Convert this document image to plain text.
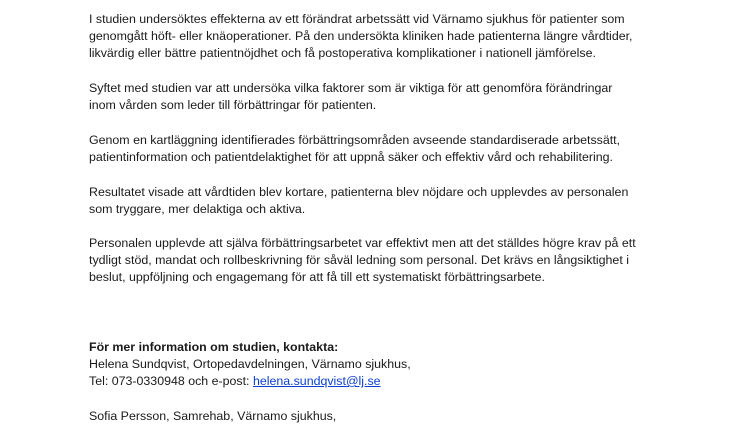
I studien undersöktes effekterna av ett förändrat arbetssätt vid Värnamo sjukhus för patienter som
genomgått höft- eller knäoperationer. På den undersökta kliniken hade patienterna längre vårdtider,
likvärdig eller bättre patientnöjdhet och få postoperativa komplikationer i nationell jämförelse.

Syftet med studien var att undersöka vilka faktorer som är viktiga för att genomföra förändringar
inom vården som leder till förbättringar för patienten.

Genom en kartläggning identifierades förbättringsområden avseende standardiserade arbetssätt,
patientinformation och patientdelaktighet för att uppnå säker och effektiv vård och rehabilitering.

Resultatet visade att vårdtiden blev kortare, patienterna blev nöjdare och upplevdes av personalen
som tryggare, mer delaktiga och aktiva.

Personalen upplevde att själva förbättringsarbetet var effektivt men att det ställdes högre krav på ett
tydligt stöd, mandat och rollbeskrivning för såväl ledning som personal. Det krävs en långsiktighet i
beslut, uppföljning och engagemang för att få till ett systematiskt förbättringsarbete.

För mer information om studien, kontakta:
Helena Sundqvist, Ortopedavdelningen, Värnamo sjukhus,
Tel: 073-0330948 och e-post: helena.sundqvist@lj.se
Sofia Persson, Samrehab, Värnamo sjukhus,
